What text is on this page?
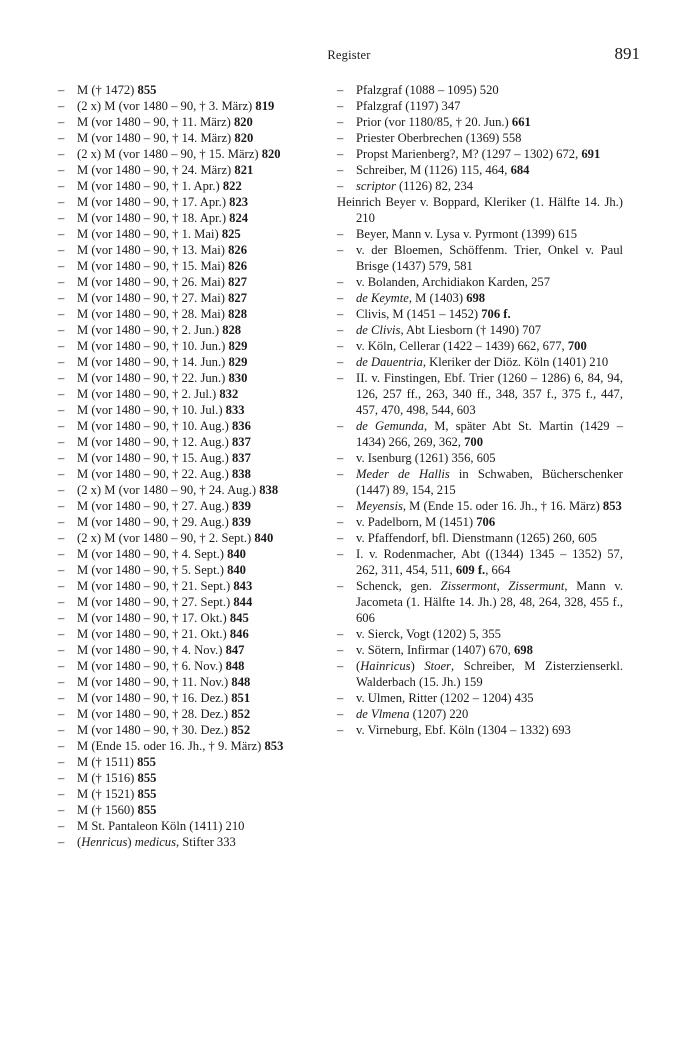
Register	891
–	M († 1472) 855
–	(2 x) M (vor 1480 – 90, † 3. März) 819
–	M (vor 1480 – 90, † 11. März) 820
–	M (vor 1480 – 90, † 14. März) 820
–	(2 x) M (vor 1480 – 90, † 15. März) 820
–	M (vor 1480 – 90, † 24. März) 821
–	M (vor 1480 – 90, † 1. Apr.) 822
–	M (vor 1480 – 90, † 17. Apr.) 823
–	M (vor 1480 – 90, † 18. Apr.) 824
–	M (vor 1480 – 90, † 1. Mai) 825
–	M (vor 1480 – 90, † 13. Mai) 826
–	M (vor 1480 – 90, † 15. Mai) 826
–	M (vor 1480 – 90, † 26. Mai) 827
–	M (vor 1480 – 90, † 27. Mai) 827
–	M (vor 1480 – 90, † 28. Mai) 828
–	M (vor 1480 – 90, † 2. Jun.) 828
–	M (vor 1480 – 90, † 10. Jun.) 829
–	M (vor 1480 – 90, † 14. Jun.) 829
–	M (vor 1480 – 90, † 22. Jun.) 830
–	M (vor 1480 – 90, † 2. Jul.) 832
–	M (vor 1480 – 90, † 10. Jul.) 833
–	M (vor 1480 – 90, † 10. Aug.) 836
–	M (vor 1480 – 90, † 12. Aug.) 837
–	M (vor 1480 – 90, † 15. Aug.) 837
–	M (vor 1480 – 90, † 22. Aug.) 838
–	(2 x) M (vor 1480 – 90, † 24. Aug.) 838
–	M (vor 1480 – 90, † 27. Aug.) 839
–	M (vor 1480 – 90, † 29. Aug.) 839
–	(2 x) M (vor 1480 – 90, † 2. Sept.) 840
–	M (vor 1480 – 90, † 4. Sept.) 840
–	M (vor 1480 – 90, † 5. Sept.) 840
–	M (vor 1480 – 90, † 21. Sept.) 843
–	M (vor 1480 – 90, † 27. Sept.) 844
–	M (vor 1480 – 90, † 17. Okt.) 845
–	M (vor 1480 – 90, † 21. Okt.) 846
–	M (vor 1480 – 90, † 4. Nov.) 847
–	M (vor 1480 – 90, † 6. Nov.) 848
–	M (vor 1480 – 90, † 11. Nov.) 848
–	M (vor 1480 – 90, † 16. Dez.) 851
–	M (vor 1480 – 90, † 28. Dez.) 852
–	M (vor 1480 – 90, † 30. Dez.) 852
–	M (Ende 15. oder 16. Jh., † 9. März) 853
–	M († 1511) 855
–	M († 1516) 855
–	M († 1521) 855
–	M († 1560) 855
–	M St. Pantaleon Köln (1411) 210
–	(Henricus) medicus, Stifter 333
–	Pfalzgraf (1088 – 1095) 520
–	Pfalzgraf (1197) 347
–	Prior (vor 1180/85, † 20. Jun.) 661
–	Priester Oberbrechen (1369) 558
–	Propst Marienberg?, M? (1297 – 1302) 672, 691
–	Schreiber, M (1126) 115, 464, 684
–	scriptor (1126) 82, 234
Heinrich Beyer v. Boppard, Kleriker (1. Hälfte 14. Jh.) 210
–	Beyer, Mann v. Lysa v. Pyrmont (1399) 615
–	v. der Bloemen, Schöffenm. Trier, Onkel v. Paul Brisge (1437) 579, 581
–	v. Bolanden, Archidiakon Karden, 257
–	de Keymte, M (1403) 698
–	Clivis, M (1451 – 1452) 706 f.
–	de Clivis, Abt Liesborn († 1490) 707
–	v. Köln, Cellerar (1422 – 1439) 662, 677, 700
–	de Dauentria, Kleriker der Diöz. Köln (1401) 210
–	II. v. Finstingen, Ebf. Trier (1260 – 1286) 6, 84, 94, 126, 257 ff., 263, 340 ff., 348, 357 f., 375 f., 447, 457, 470, 498, 544, 603
–	de Gemunda, M, später Abt St. Martin (1429 – 1434) 266, 269, 362, 700
–	v. Isenburg (1261) 356, 605
–	Meder de Hallis in Schwaben, Bücherschenker (1447) 89, 154, 215
–	Meyensis, M (Ende 15. oder 16. Jh., † 16. März) 853
–	v. Padelborn, M (1451) 706
–	v. Pfaffendorf, bfl. Dienstmann (1265) 260, 605
–	I. v. Rodenmacher, Abt ((1344) 1345 – 1352) 57, 262, 311, 454, 511, 609 f., 664
–	Schenck, gen. Zissermont, Zissermunt, Mann v. Jacometa (1. Hälfte 14. Jh.) 28, 48, 264, 328, 455 f., 606
–	v. Sierck, Vogt (1202) 5, 355
–	v. Sötern, Infirmar (1407) 670, 698
–	(Hainricus) Stoer, Schreiber, M Zisterzienserkl. Walderbach (15. Jh.) 159
–	v. Ulmen, Ritter (1202 – 1204) 435
–	de Vlmena (1207) 220
–	v. Virneburg, Ebf. Köln (1304 – 1332) 693
